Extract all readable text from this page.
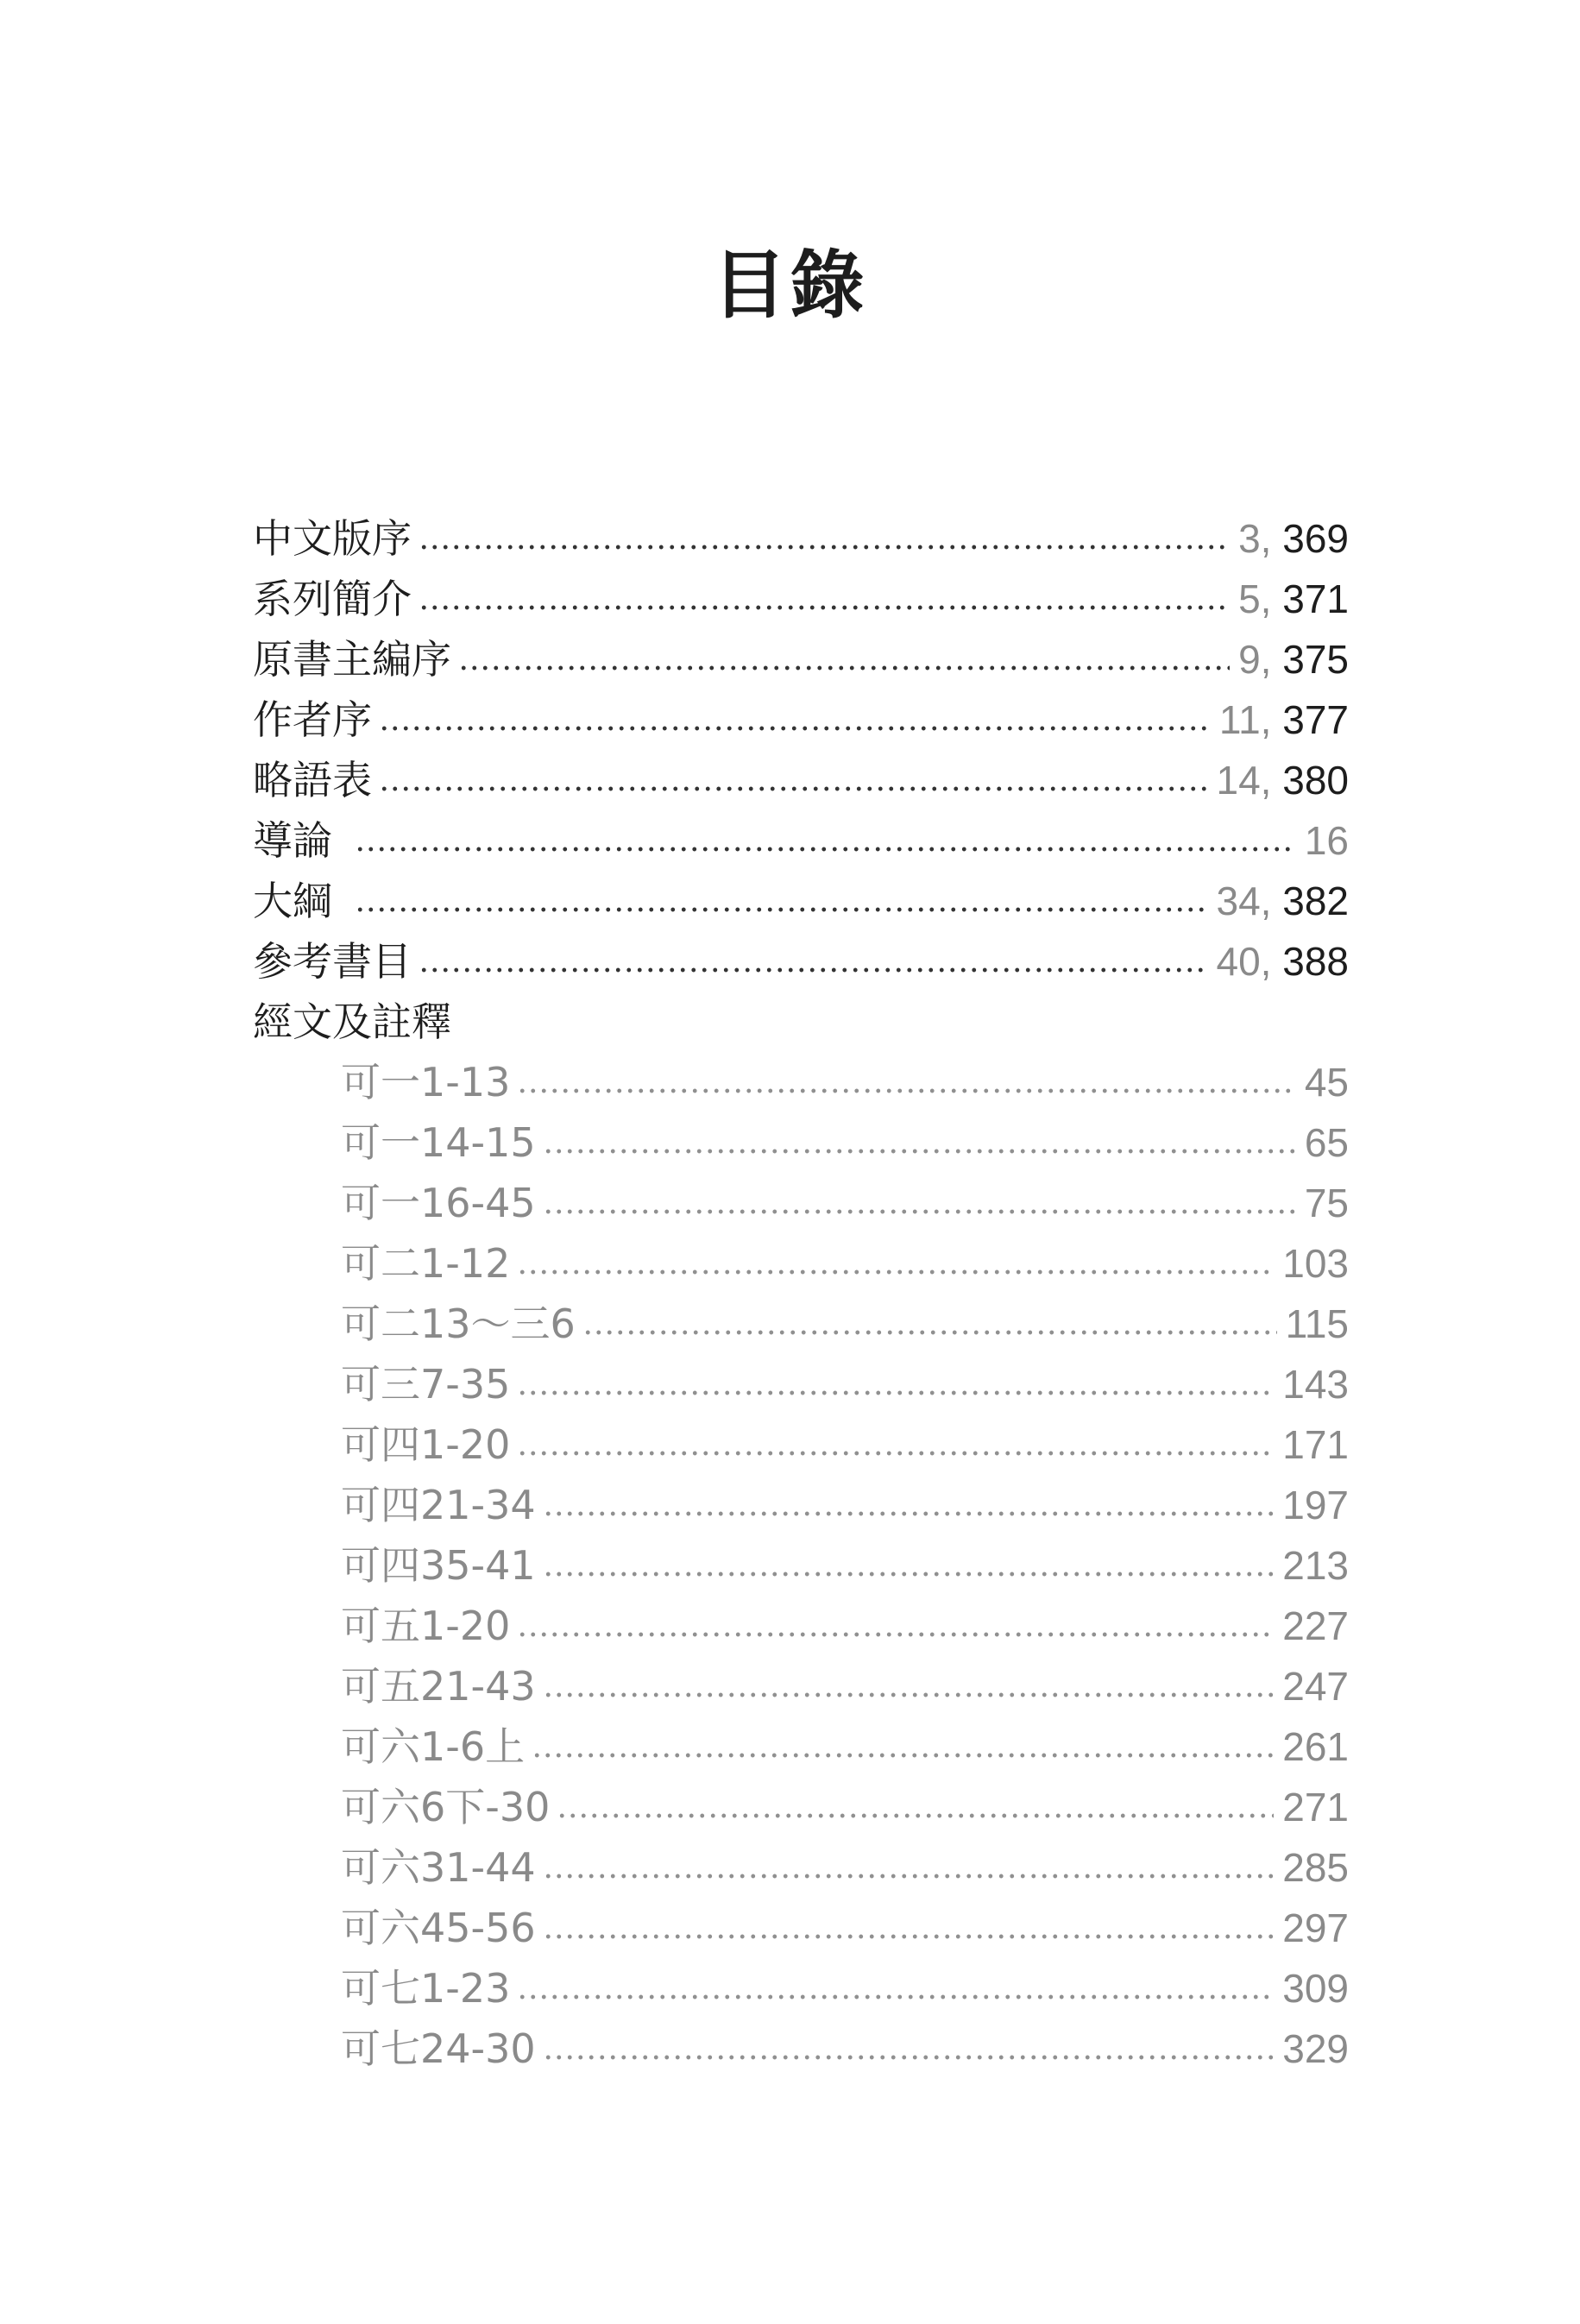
目錄
中文版序	3, 369
系列簡介	5, 371
原書主編序	9, 375
作者序	11, 377
略語表	14, 380
導論	16
大綱	34, 382
參考書目	40, 388
經文及註釋
可一1-13	45
可一14-15	65
可一16-45	75
可二1-12	103
可二13～三6	115
可三7-35	143
可四1-20	171
可四21-34	197
可四35-41	213
可五1-20	227
可五21-43	247
可六1-6上	261
可六6下-30	271
可六31-44	285
可六45-56	297
可七1-23	309
可七24-30	329
